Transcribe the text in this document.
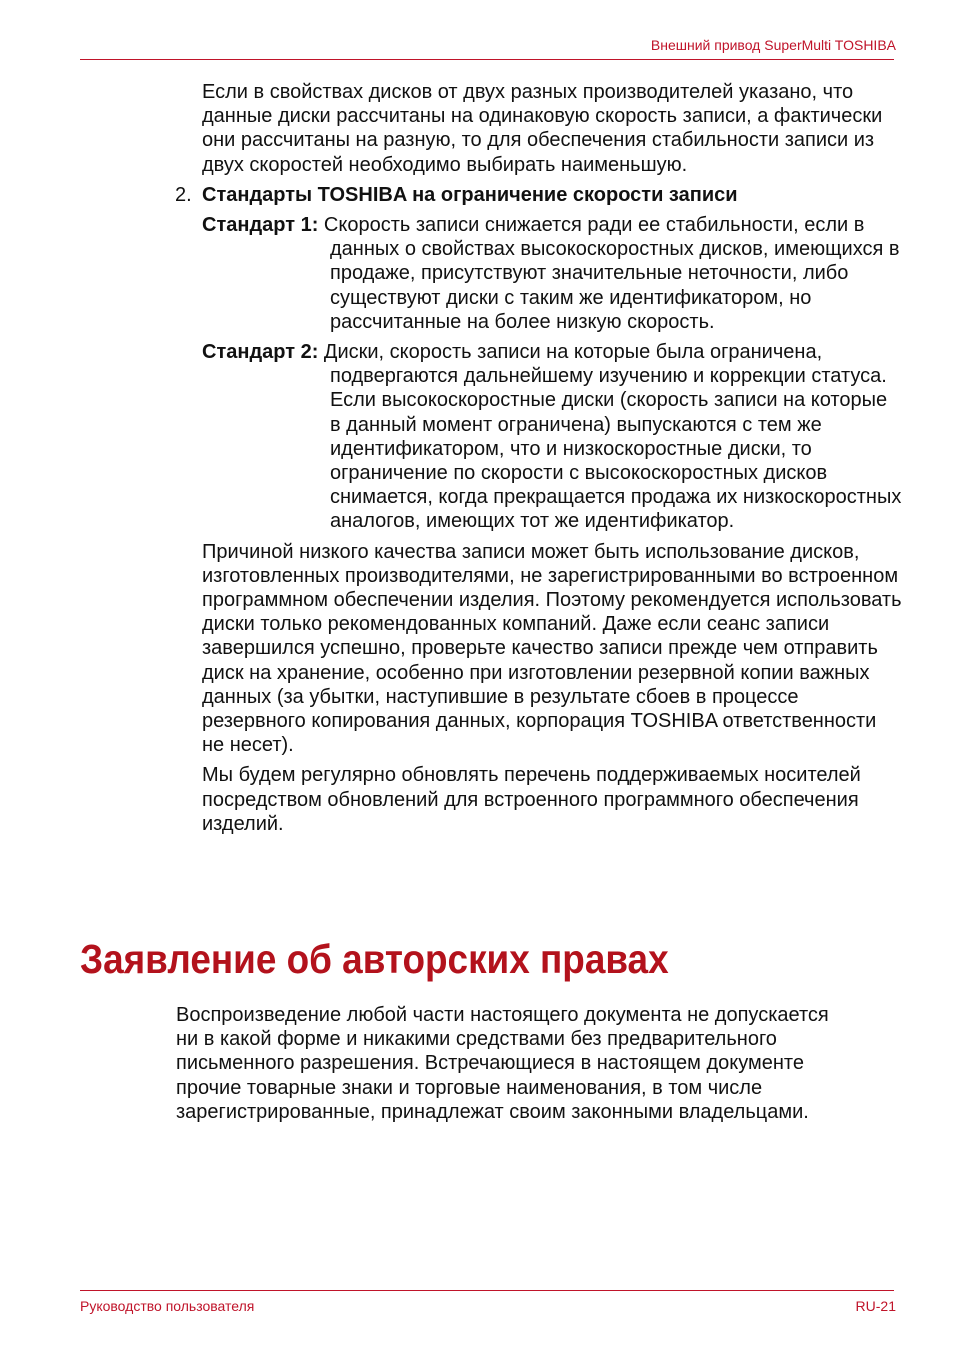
Внешний привод SuperMulti TOSHIBA

Если в свойствах дисков от двух разных производителей указано, что данные диски рассчитаны на одинаковую скорость записи, а фактически они рассчитаны на разную, то для обеспечения стабильности записи из двух скоростей необходимо выбирать наименьшую.

2. Стандарты TOSHIBA на ограничение скорости записи

Стандарт 1: Скорость записи снижается ради ее стабильности, если в данных о свойствах высокоскоростных дисков, имеющихся в продаже, присутствуют значительные неточности, либо существуют диски с таким же идентификатором, но рассчитанные на более низкую скорость.

Стандарт 2: Диски, скорость записи на которые была ограничена, подвергаются дальнейшему изучению и коррекции статуса. Если высокоскоростные диски (скорость записи на которые в данный момент ограничена) выпускаются с тем же идентификатором, что и низкоскоростные диски, то ограничение по скорости с высокоскоростных дисков снимается, когда прекращается продажа их низкоскоростных аналогов, имеющих тот же идентификатор.

Причиной низкого качества записи может быть использование дисков, изготовленных производителями, не зарегистрированными во встроенном программном обеспечении изделия. Поэтому рекомендуется использовать диски только рекомендованных компаний. Даже если сеанс записи завершился успешно, проверьте качество записи прежде чем отправить диск на хранение, особенно при изготовлении резервной копии важных данных (за убытки, наступившие в результате сбоев в процессе резервного копирования данных, корпорация TOSHIBA ответственности не несет).

Мы будем регулярно обновлять перечень поддерживаемых носителей посредством обновлений для встроенного программного обеспечения изделий.

Заявление об авторских правах

Воспроизведение любой части настоящего документа не допускается ни в какой форме и никакими средствами без предварительного письменного разрешения. Встречающиеся в настоящем документе прочие товарные знаки и торговые наименования, в том числе зарегистрированные, принадлежат своим законными владельцами.

Руководство пользователя	RU-21
